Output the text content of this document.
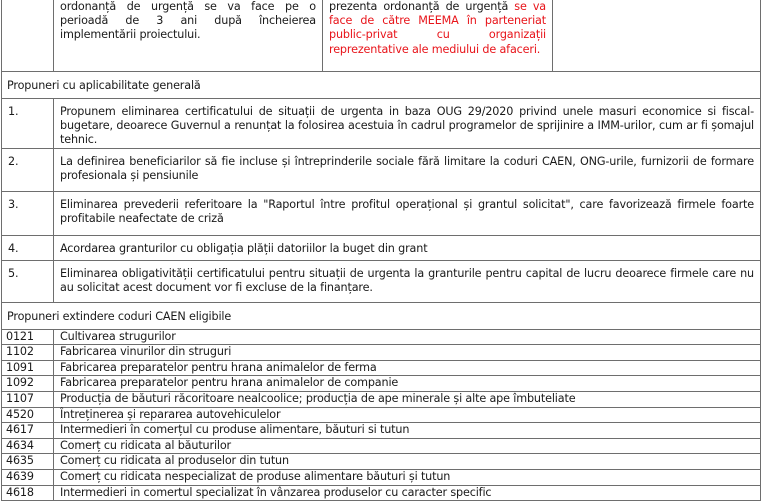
	ordonanță de urgență se va face pe o perioadă de 3 ani după încheierea implementării proiectului.	prezenta ordonanță de urgență se va face de către MEEMA în parteneriat public-privat cu organizații reprezentative ale mediului de afaceri.	
Propuneri cu aplicabilitate generală			
1.	Propunem eliminarea certificatului de situații de urgenta in baza OUG 29/2020 privind unele masuri economice si fiscal-bugetare, deoarece Guvernul a renunțat la folosirea acestuia în cadrul programelor de sprijinire a IMM-urilor, cum ar fi șomajul tehnic.		
2.	La definirea beneficiarilor să fie incluse și întreprinderile sociale fără limitare la coduri CAEN, ONG-urile, furnizorii de formare profesionala și pensiunile		
3.	Eliminarea prevederii referitoare la "Raportul între profitul operațional și grantul solicitat", care favorizează firmele foarte profitabile neafectate de criză		
4.	Acordarea granturilor cu obligația plății datoriilor la buget din grant		
5.	Eliminarea obligativității certificatului pentru situații de urgenta la granturile pentru capital de lucru deoarece firmele care nu au solicitat acest document vor fi excluse de la finanțare.		
Propuneri extindere coduri CAEN eligibile			
0121	Cultivarea strugurilor		
1102	Fabricarea vinurilor din struguri		
1091	Fabricarea preparatelor pentru hrana animalelor de ferma		
1092	Fabricarea preparatelor pentru hrana animalelor de companie		
1107	Producția de băuturi răcoritoare nealcoolice; producția de ape minerale și alte ape îmbuteliate		
4520	Întreținerea și repararea autovehiculelor		
4617	Intermedieri în comerțul cu produse alimentare, băuturi si tutun		
4634	Comerț cu ridicata al băuturilor		
4635	Comerț cu ridicata al produselor din tutun		
4639	Comerț cu ridicata nespecializat de produse alimentare băuturi și tutun		
4618	Intermedieri in comertul specializat în vânzarea produselor cu caracter specific		
